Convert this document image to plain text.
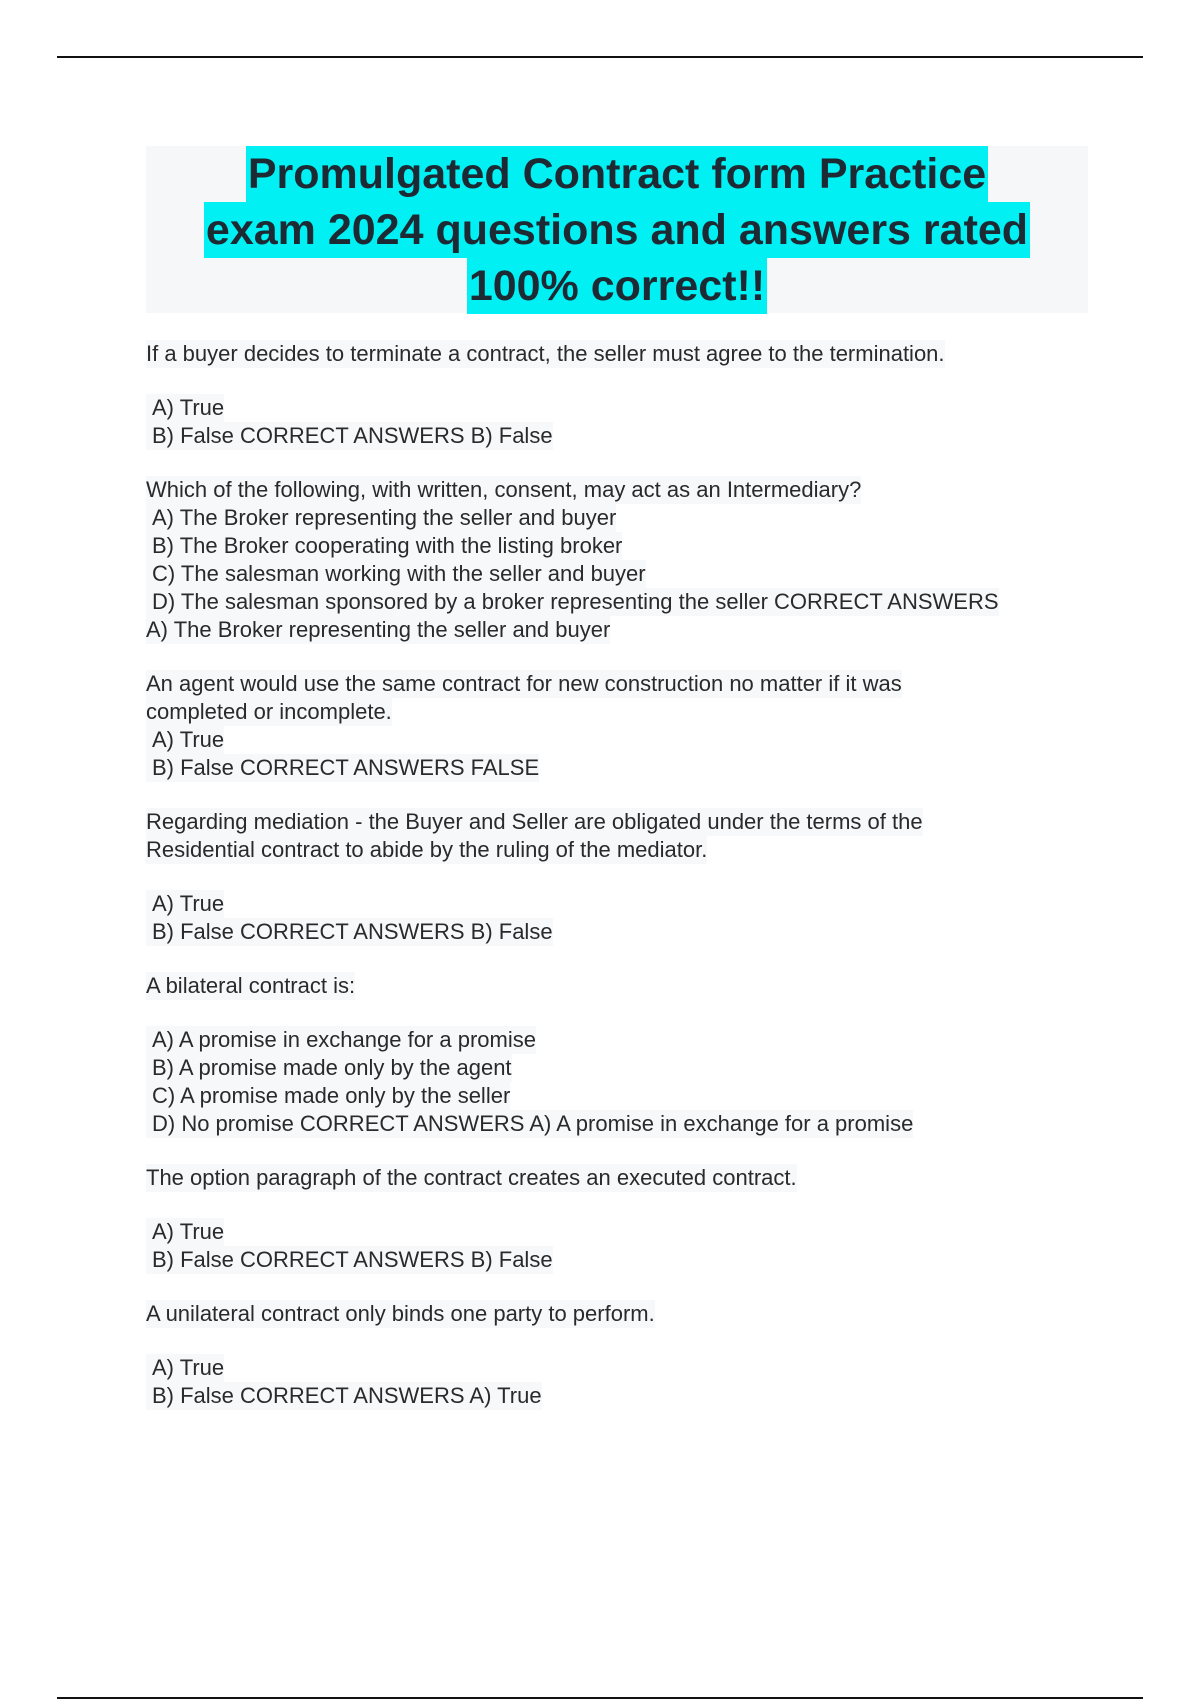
Promulgated Contract form Practice
exam 2024 questions and answers rated
100% correct!!
If a buyer decides to terminate a contract, the seller must agree to the termination.
A) True
B) False CORRECT ANSWERS B) False
Which of the following, with written, consent, may act as an Intermediary?
A) The Broker representing the seller and buyer
B) The Broker cooperating with the listing broker
C) The salesman working with the seller and buyer
D) The salesman sponsored by a broker representing the seller CORRECT ANSWERS
A) The Broker representing the seller and buyer
An agent would use the same contract for new construction no matter if it was
completed or incomplete.
A) True
B) False CORRECT ANSWERS FALSE
Regarding mediation - the Buyer and Seller are obligated under the terms of the
Residential contract to abide by the ruling of the mediator.
A) True
B) False CORRECT ANSWERS B) False
A bilateral contract is:
A) A promise in exchange for a promise
B) A promise made only by the agent
C) A promise made only by the seller
D) No promise CORRECT ANSWERS A) A promise in exchange for a promise
The option paragraph of the contract creates an executed contract.
A) True
B) False CORRECT ANSWERS B) False
A unilateral contract only binds one party to perform.
A) True
B) False CORRECT ANSWERS A) True
